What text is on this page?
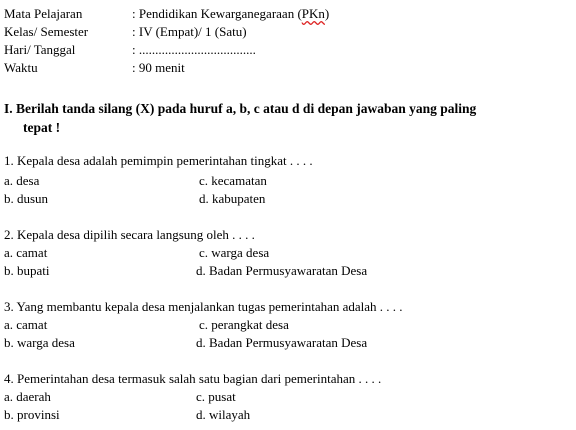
Mata Pelajaran	: Pendidikan Kewarganegaraan (PKn)
Kelas/ Semester	: IV (Empat)/ 1 (Satu)
Hari/ Tanggal	: ....................................
Waktu	: 90 menit
I. Berilah tanda silang (X) pada huruf a, b, c atau d di depan jawaban yang paling
tepat !
1. Kepala desa adalah pemimpin pemerintahan tingkat . . . .
a. desa	c. kecamatan
b. dusun	d. kabupaten
2. Kepala desa dipilih secara langsung oleh . . . .
a. camat	c. warga desa
b. bupati	d. Badan Permusyawaratan Desa
3. Yang membantu kepala desa menjalankan tugas pemerintahan adalah . . . .
a. camat	c. perangkat desa
b. warga desa	d. Badan Permusyawaratan Desa
4. Pemerintahan desa termasuk salah satu bagian dari pemerintahan . . . .
a. daerah	c. pusat
b. provinsi	d. wilayah
